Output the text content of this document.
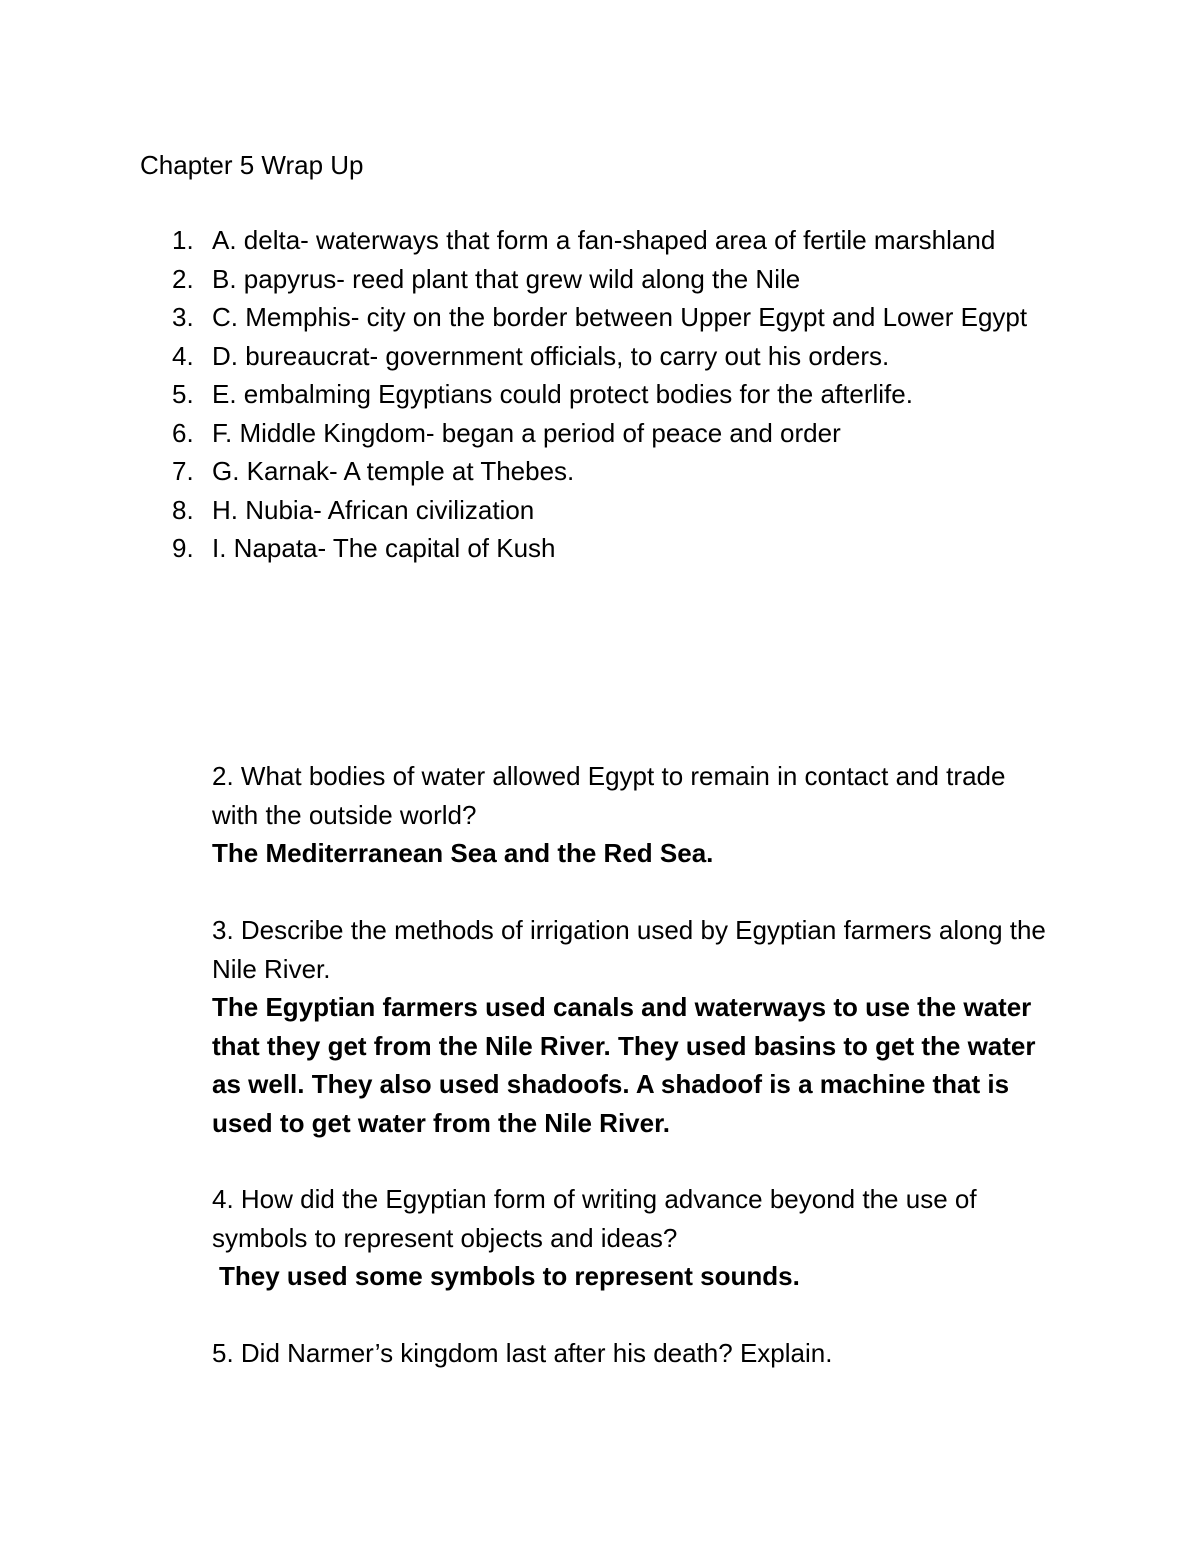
Chapter 5 Wrap Up
1. A. delta- waterways that form a fan-shaped area of fertile marshland
2. B. papyrus- reed plant that grew wild along the Nile
3. C. Memphis- city on the border between Upper Egypt and Lower Egypt
4. D. bureaucrat- government officials, to carry out his orders.
5. E. embalming Egyptians could protect bodies for the afterlife.
6. F. Middle Kingdom- began a period of peace and order
7. G. Karnak- A temple at Thebes.
8. H. Nubia- African civilization
9. I. Napata- The capital of Kush

2. What bodies of water allowed Egypt to remain in contact and trade with the outside world?

The Mediterranean Sea and the Red Sea.

3. Describe the methods of irrigation used by Egyptian farmers along the Nile River.

The Egyptian farmers used canals and waterways to use the water that they get from the Nile River. They used basins to get the water as well. They also used shadoofs. A shadoof is a machine that is used to get water from the Nile River.

4. How did the Egyptian form of writing advance beyond the use of symbols to represent objects and ideas?

They used some symbols to represent sounds.

5. Did Narmer’s kingdom last after his death? Explain.
